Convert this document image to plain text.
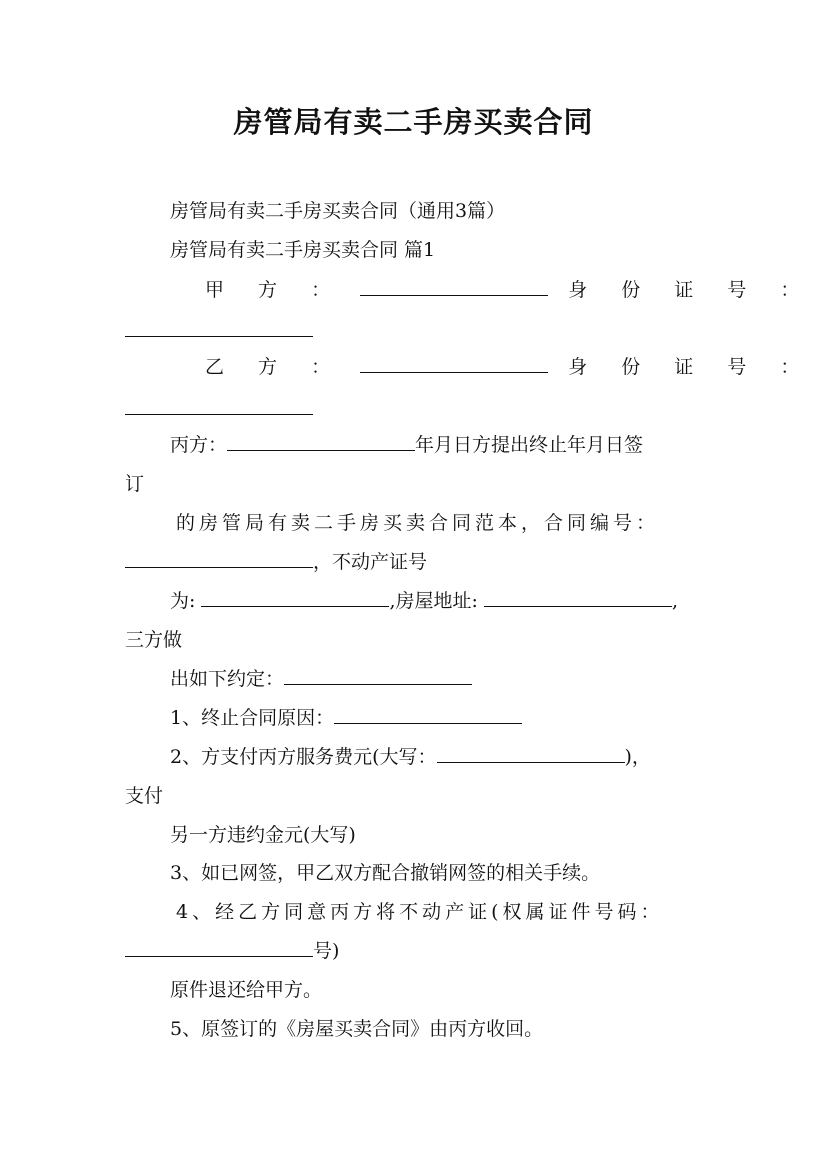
房管局有卖二手房买卖合同
房管局有卖二手房买卖合同（通用3篇）
房管局有卖二手房买卖合同 篇1
甲 方 ：	身 份 证 号 ：
乙 方 ：	身 份 证 号 ：
丙方：	年月日方提出终止年月日签
订
的房管局有卖二手房买卖合同范本，合同编号：
，不动产证号
为:	,房屋地址:	,
三方做
出如下约定：
1、终止合同原因：
2、方支付丙方服务费元(大写：	)，
支付
另一方违约金元(大写)
3、如已网签，甲乙双方配合撤销网签的相关手续。
4、经乙方同意丙方将不动产证(权属证件号码：
号)
原件退还给甲方。
5、原签订的《房屋买卖合同》由丙方收回。
